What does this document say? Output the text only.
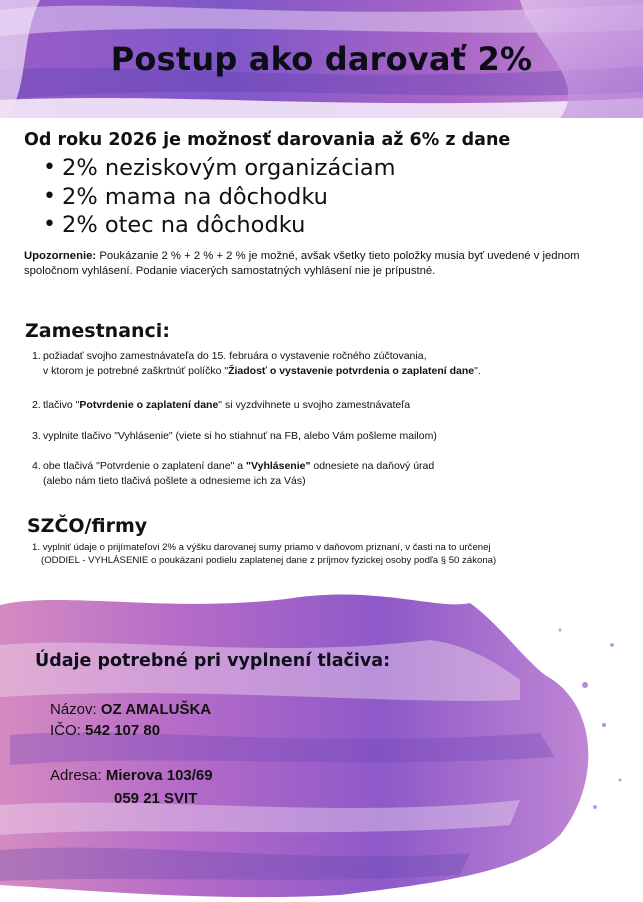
Postup ako darovať 2%

Od roku 2026 je možnosť darovania až 6% z dane

• 2% neziskovým organizáciam
• 2% mama na dôchodku
• 2% otec na dôchodku

Upozornenie: Poukázanie 2 % + 2 % + 2 % je možné, avšak všetky tieto položky musia byť uvedené v jednom spoločnom vyhlásení. Podanie viacerých samostatných vyhlásení nie je prípustné.

Zamestnanci:
1. požiadať svojho zamestnávateľa do 15. februára o vystavenie ročného zúčtovania,
v ktorom je potrebné zaškrtnúť políčko "Žiadosť o vystavenie potvrdenia o zaplatení dane".
2. tlačivo "Potvrdenie o zaplatení dane" si vyzdvihnete u svojho zamestnávateľa
3. vyplnite tlačivo "Vyhlásenie" (viete si ho stiahnuť na FB, alebo Vám pošleme mailom)
4. obe tlačivá "Potvrdenie o zaplatení dane" a "Vyhlásenie" odnesiete na daňový úrad
(alebo nám tieto tlačivá pošlete a odnesieme ich za Vás)
SZČO/firmy

1. vyplniť údaje o prijímateľovi 2% a výšku darovanej sumy priamo v daňovom priznaní, v časti na to určenej
(ODDIEL - VYHLÁSENIE o poukázaní podielu zaplatenej dane z príjmov fyzickej osoby podľa § 50 zákona)

Údaje potrebné pri vyplnení tlačiva:

Názov: OZ AMALUŠKA

IČO: 542 107 80

Adresa: Mierova 103/69

059 21 SVIT
